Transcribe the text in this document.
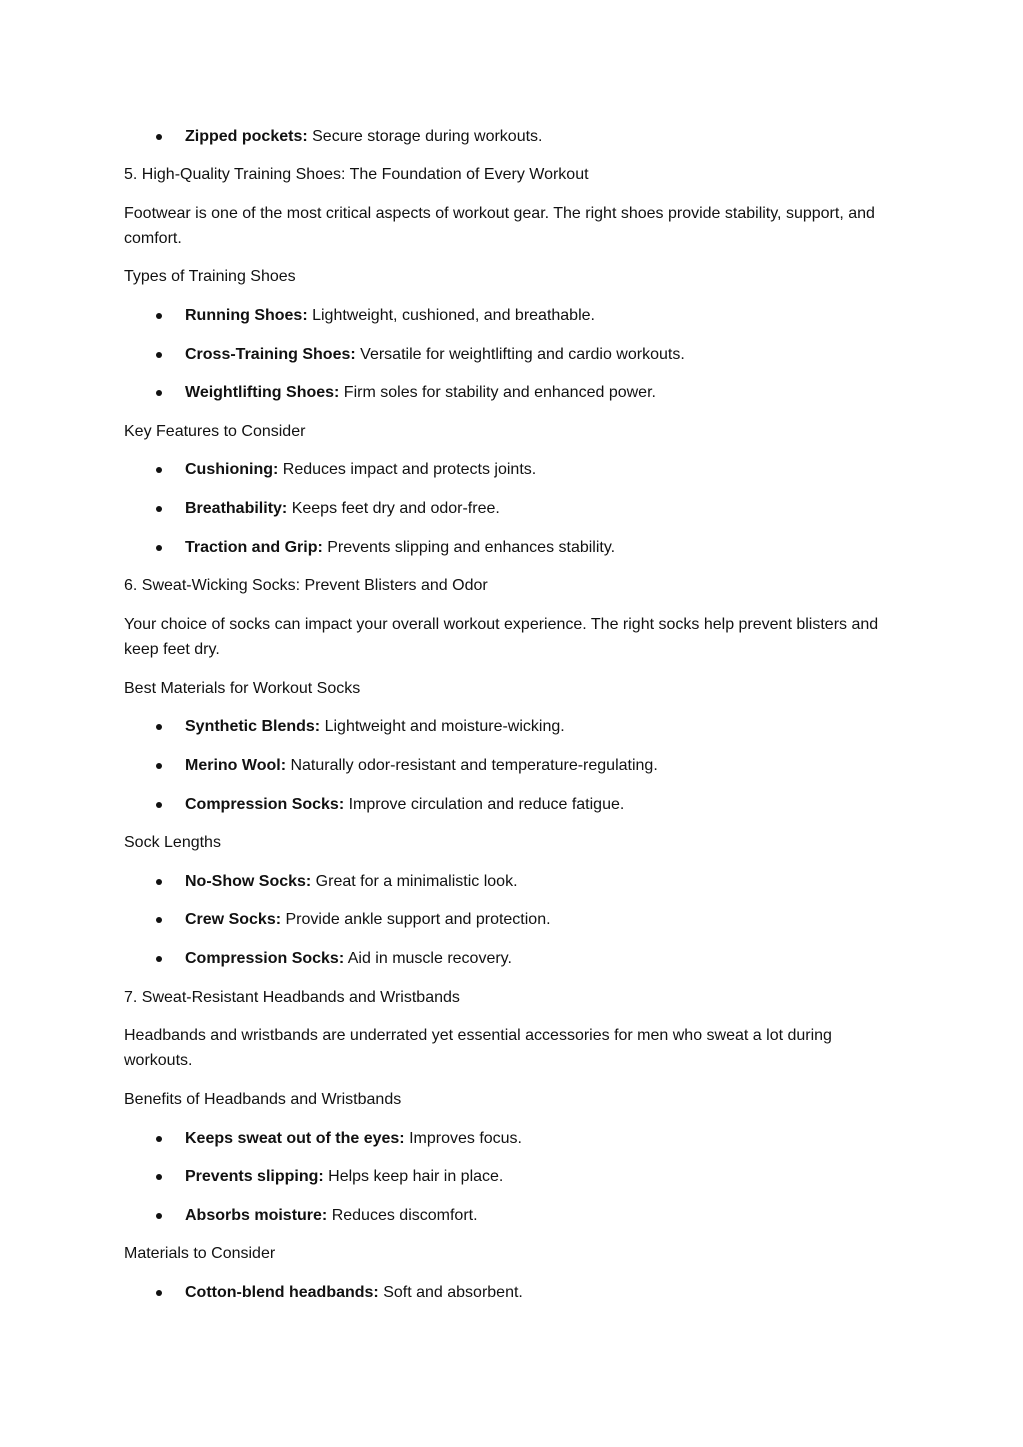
Zipped pockets: Secure storage during workouts.
5. High-Quality Training Shoes: The Foundation of Every Workout
Footwear is one of the most critical aspects of workout gear. The right shoes provide stability, support, and comfort.
Types of Training Shoes
Running Shoes: Lightweight, cushioned, and breathable.
Cross-Training Shoes: Versatile for weightlifting and cardio workouts.
Weightlifting Shoes: Firm soles for stability and enhanced power.
Key Features to Consider
Cushioning: Reduces impact and protects joints.
Breathability: Keeps feet dry and odor-free.
Traction and Grip: Prevents slipping and enhances stability.
6. Sweat-Wicking Socks: Prevent Blisters and Odor
Your choice of socks can impact your overall workout experience. The right socks help prevent blisters and keep feet dry.
Best Materials for Workout Socks
Synthetic Blends: Lightweight and moisture-wicking.
Merino Wool: Naturally odor-resistant and temperature-regulating.
Compression Socks: Improve circulation and reduce fatigue.
Sock Lengths
No-Show Socks: Great for a minimalistic look.
Crew Socks: Provide ankle support and protection.
Compression Socks: Aid in muscle recovery.
7. Sweat-Resistant Headbands and Wristbands
Headbands and wristbands are underrated yet essential accessories for men who sweat a lot during workouts.
Benefits of Headbands and Wristbands
Keeps sweat out of the eyes: Improves focus.
Prevents slipping: Helps keep hair in place.
Absorbs moisture: Reduces discomfort.
Materials to Consider
Cotton-blend headbands: Soft and absorbent.
